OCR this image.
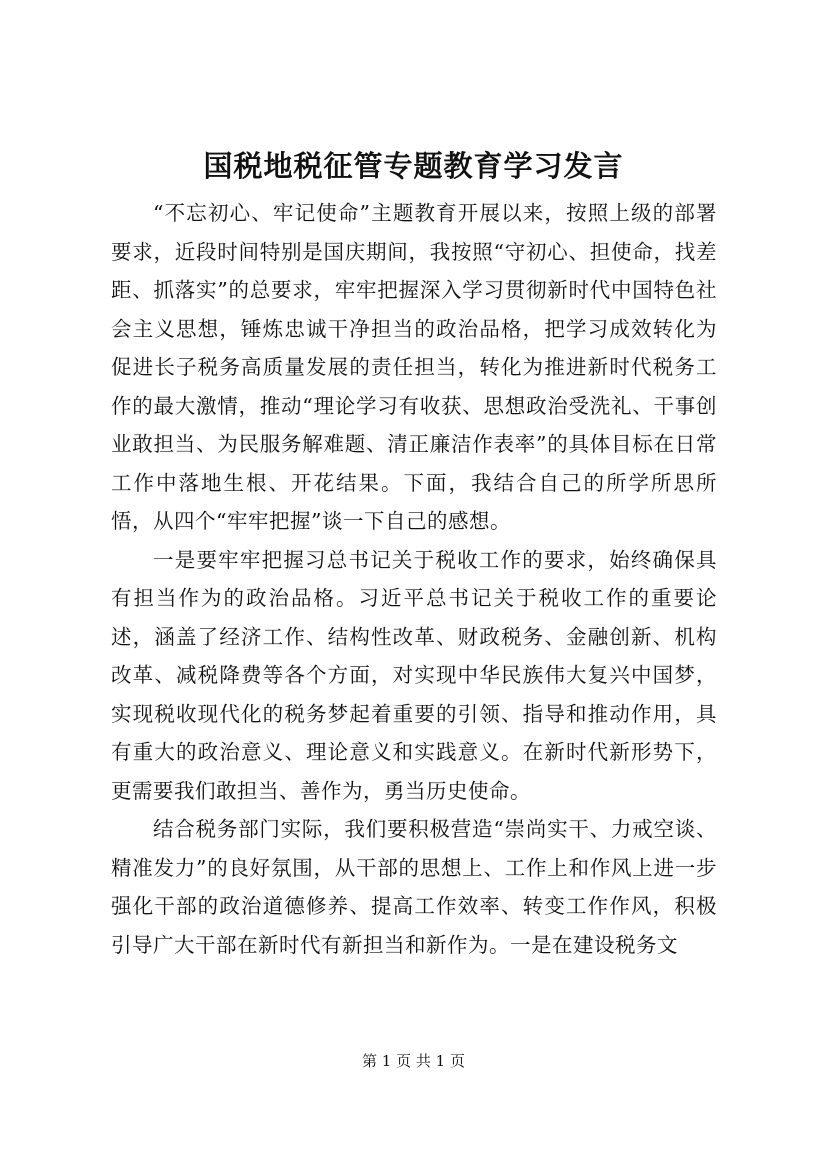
国税地税征管专题教育学习发言

“不忘初心、牢记使命”主题教育开展以来，按照上级的部署要求，近段时间特别是国庆期间，我按照“守初心、担使命，找差距、抓落实”的总要求，牢牢把握深入学习贯彻新时代中国特色社会主义思想，锤炼忠诚干净担当的政治品格，把学习成效转化为促进长子税务高质量发展的责任担当，转化为推进新时代税务工作的最大激情，推动“理论学习有收获、思想政治受洗礼、干事创业敢担当、为民服务解难题、清正廉洁作表率”的具体目标在日常工作中落地生根、开花结果。下面，我结合自己的所学所思所悟，从四个“牢牢把握”谈一下自己的感想。

一是要牢牢把握习总书记关于税收工作的要求，始终确保具有担当作为的政治品格。习近平总书记关于税收工作的重要论述，涵盖了经济工作、结构性改革、财政税务、金融创新、机构改革、减税降费等各个方面，对实现中华民族伟大复兴中国梦，实现税收现代化的税务梦起着重要的引领、指导和推动作用，具有重大的政治意义、理论意义和实践意义。在新时代新形势下，更需要我们敢担当、善作为，勇当历史使命。

结合税务部门实际，我们要积极营造“崇尚实干、力戒空谈、精准发力”的良好氛围，从干部的思想上、工作上和作风上进一步强化干部的政治道德修养、提高工作效率、转变工作作风，积极引导广大干部在新时代有新担当和新作为。一是在建设税务文

第 1 页 共 1 页
